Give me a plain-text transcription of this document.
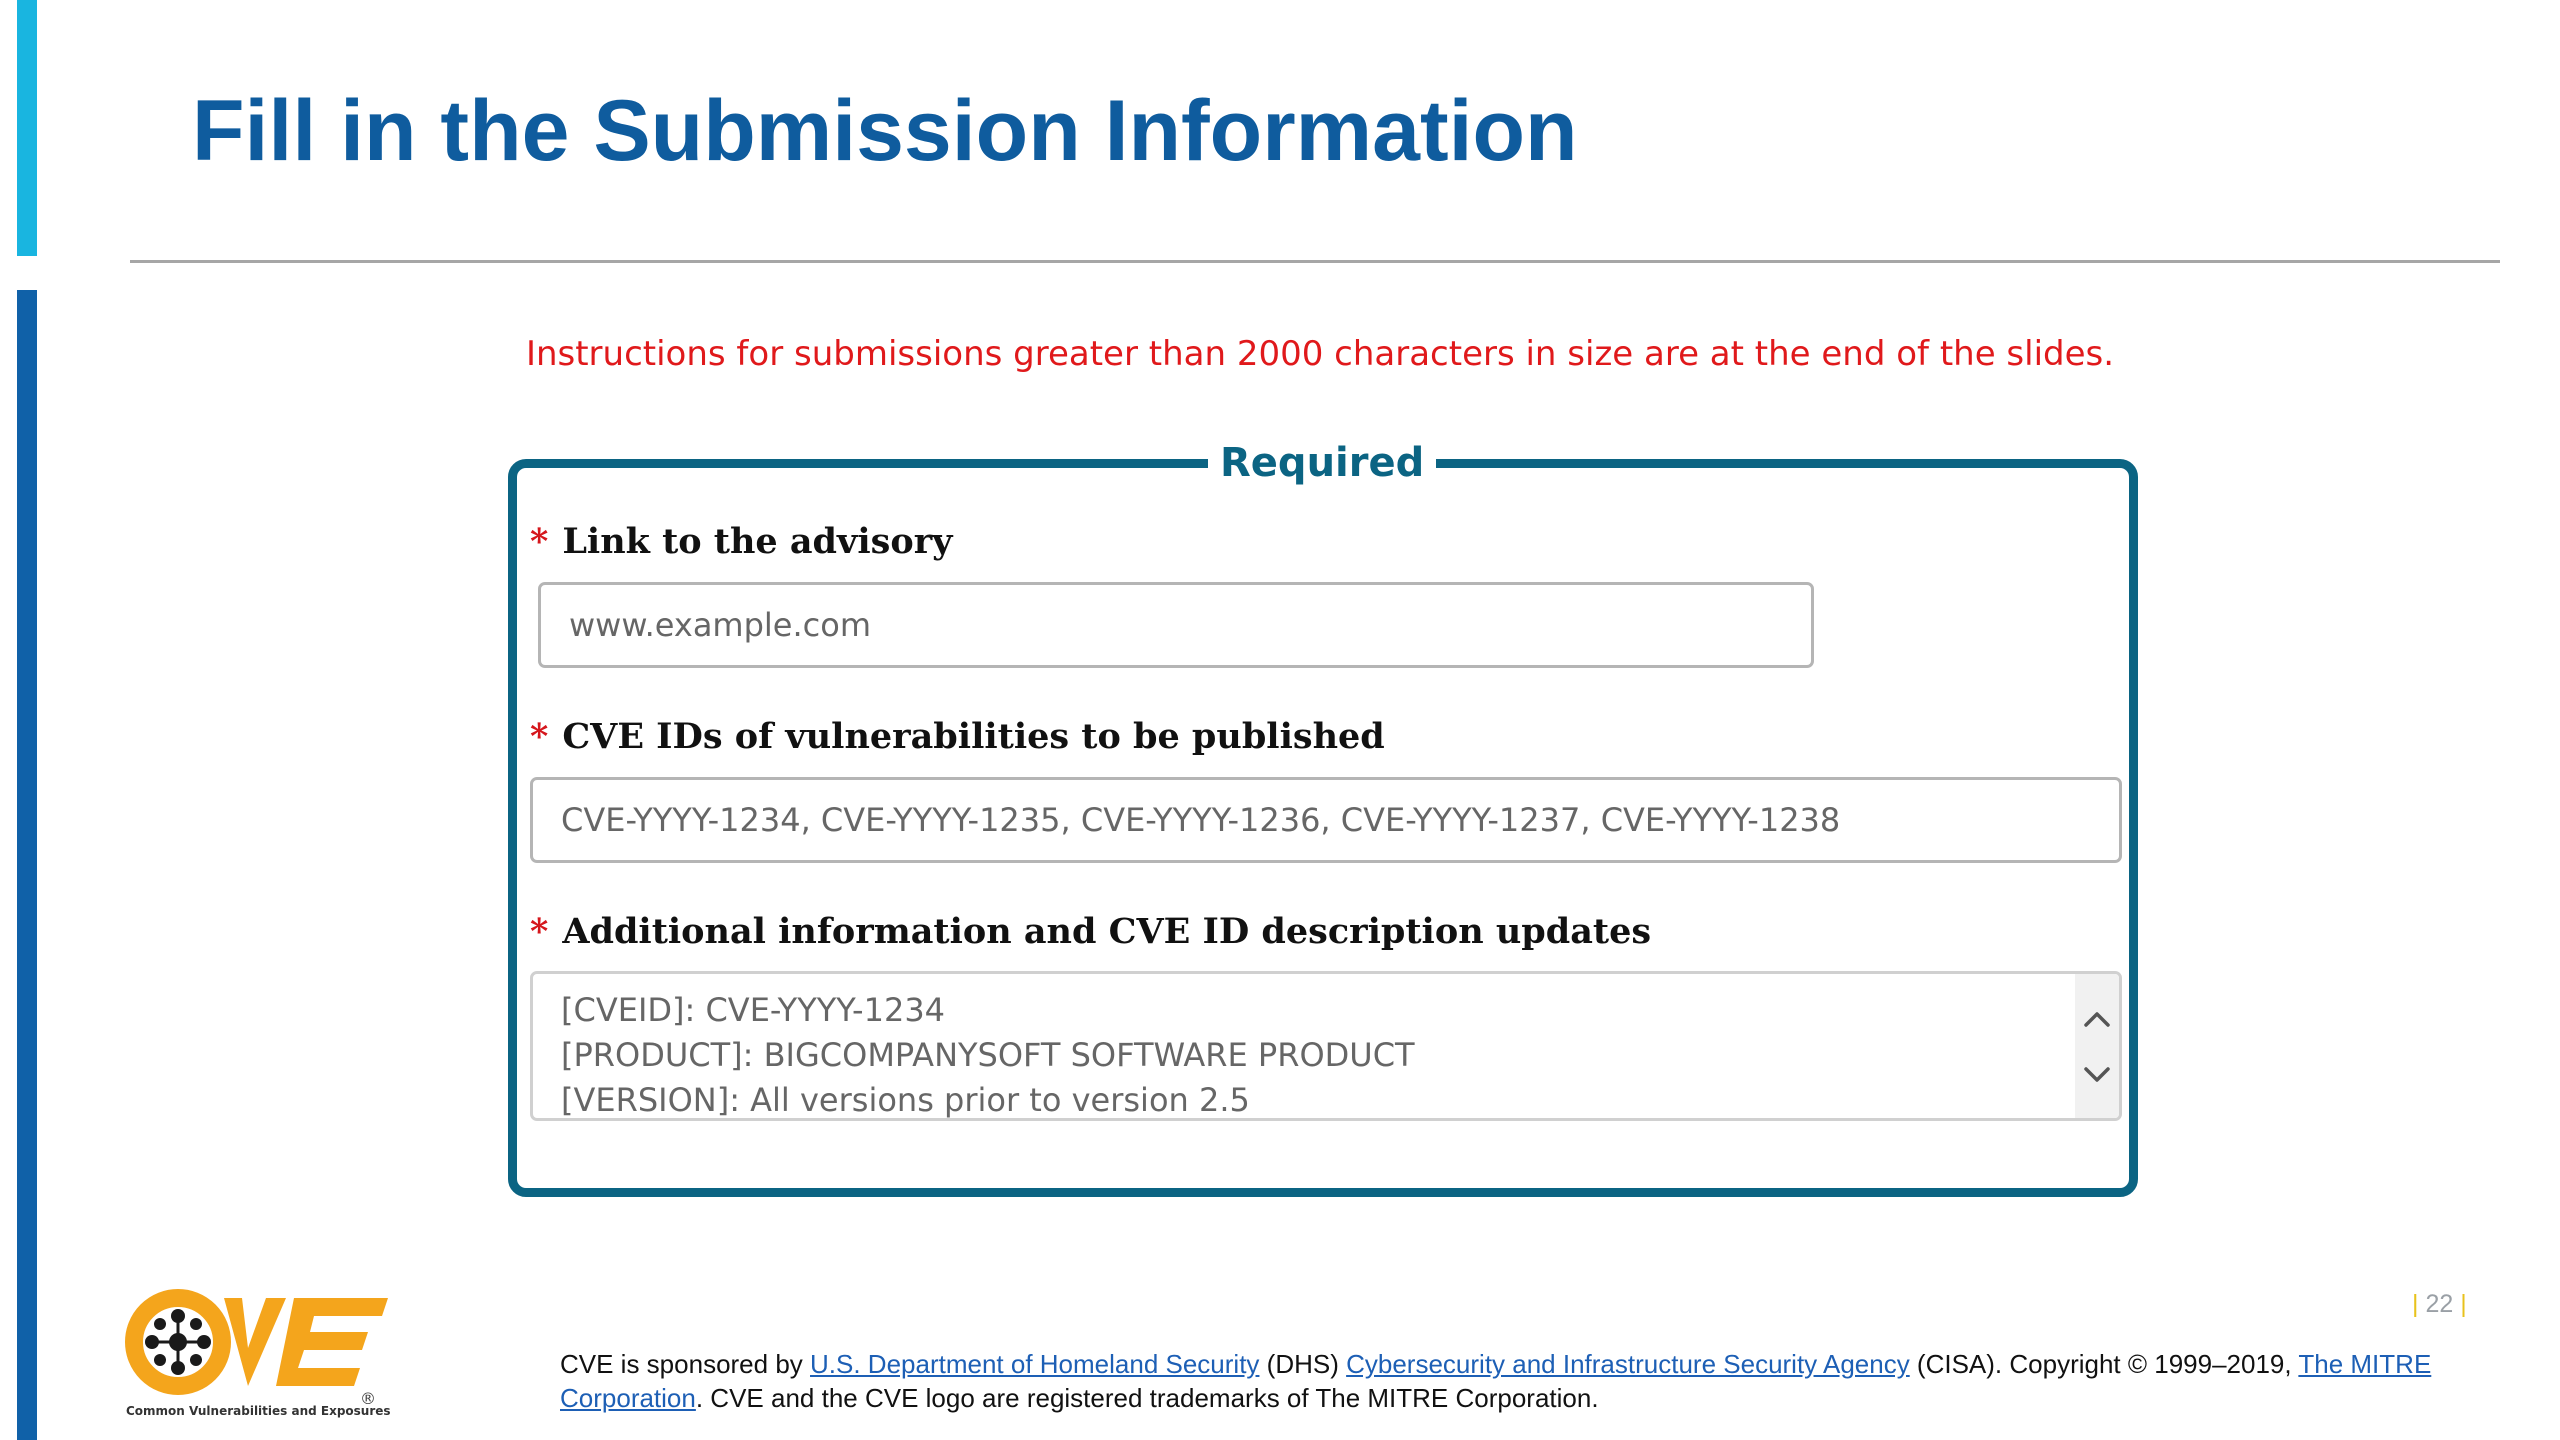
Fill in the Submission Information
Instructions for submissions greater than 2000 characters in size are at the end of the slides.
Required
* Link to the advisory
www.example.com
* CVE IDs of vulnerabilities to be published
CVE-YYYY-1234, CVE-YYYY-1235, CVE-YYYY-1236, CVE-YYYY-1237, CVE-YYYY-1238
* Additional information and CVE ID description updates
[CVEID]: CVE-YYYY-1234
[PRODUCT]: BIGCOMPANYSOFT SOFTWARE PRODUCT
[VERSION]: All versions prior to version 2.5
| 22 |
®
Common Vulnerabilities and Exposures
CVE is sponsored by U.S. Department of Homeland Security (DHS) Cybersecurity and Infrastructure Security Agency (CISA). Copyright © 1999–2019, The MITRE Corporation. CVE and the CVE logo are registered trademarks of The MITRE Corporation.
